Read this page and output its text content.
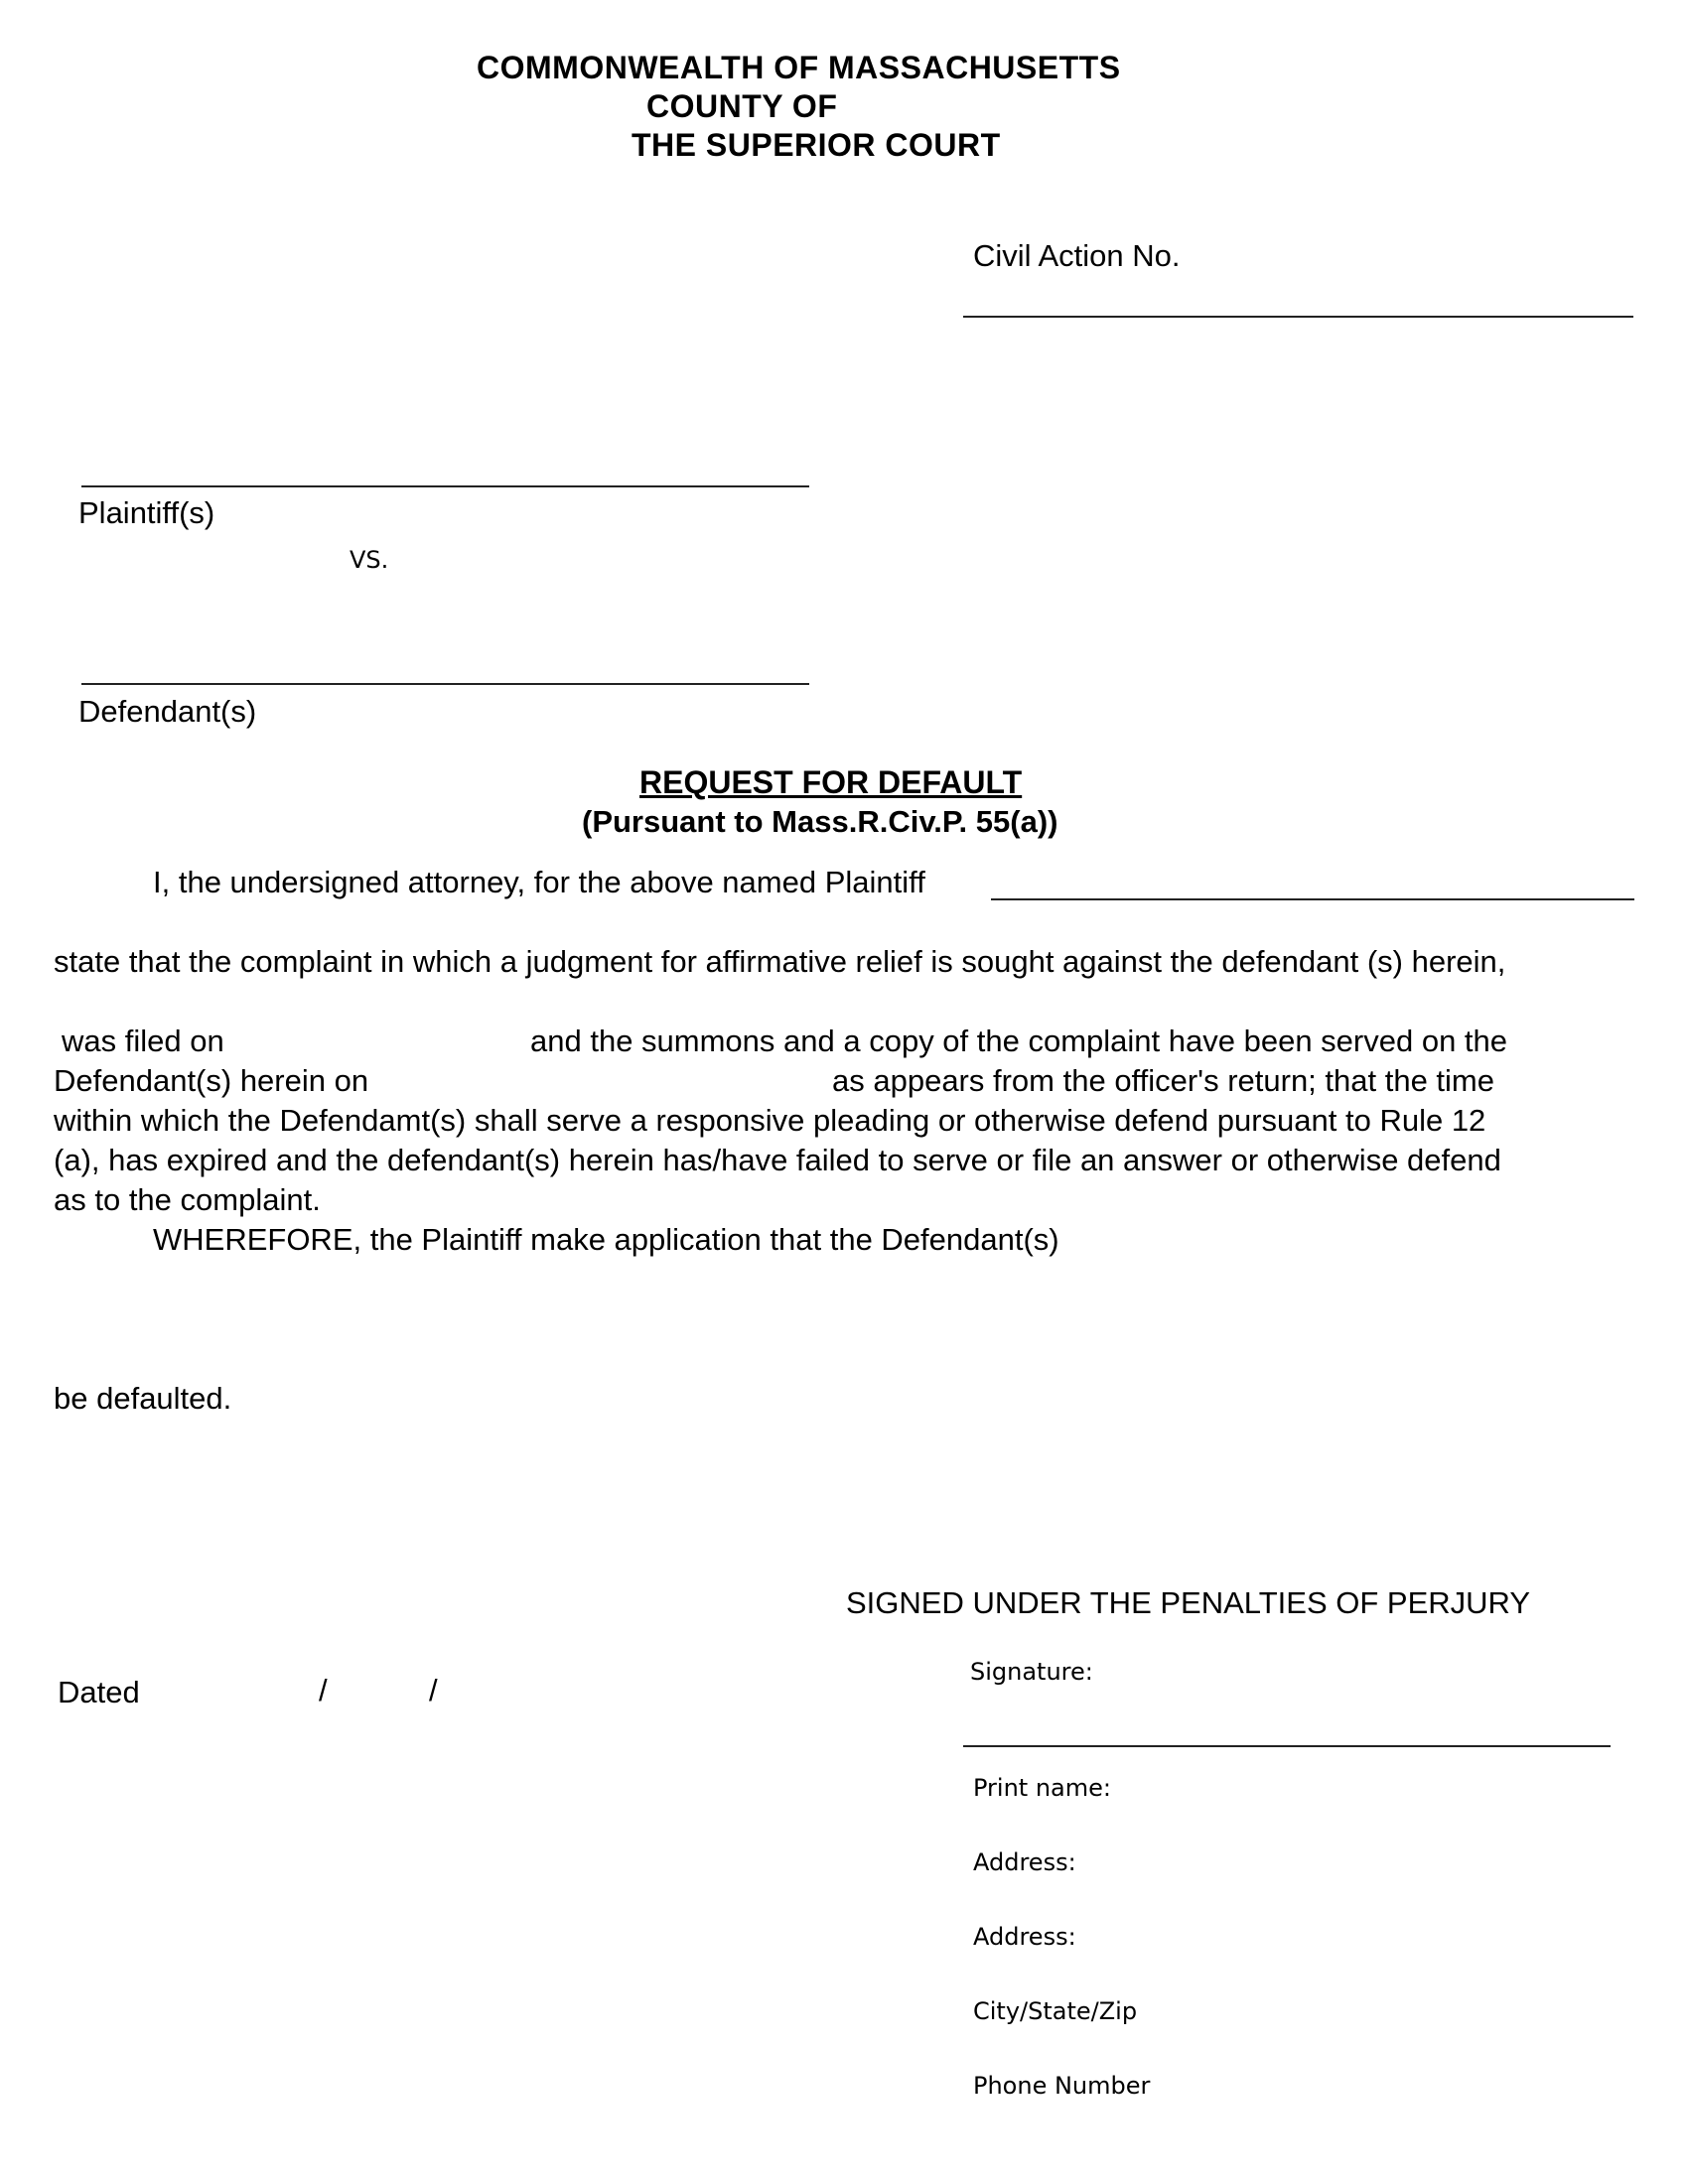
COMMONWEALTH OF MASSACHUSETTS
COUNTY OF
THE SUPERIOR COURT
Civil Action No.
Plaintiff(s)
VS.
Defendant(s)
REQUEST FOR DEFAULT
(Pursuant to Mass.R.Civ.P. 55(a))
I, the undersigned attorney, for the above named Plaintiff
state that the complaint in which a judgment for affirmative relief is sought against the defendant (s) herein,
was filed on	and the summons and a copy of the complaint have been served on the
Defendant(s) herein on	as appears from the officer's return; that the time
within which the Defendamt(s) shall serve a responsive pleading or otherwise defend pursuant to Rule 12
(a), has expired and the defendant(s) herein has/have failed to serve or file an answer or otherwise defend
as to the complaint.
WHEREFORE, the Plaintiff make application that the Defendant(s)
be defaulted.
SIGNED UNDER THE PENALTIES OF PERJURY
Dated	/	/
Signature:
Print name:
Address:
Address:
City/State/Zip
Phone Number
